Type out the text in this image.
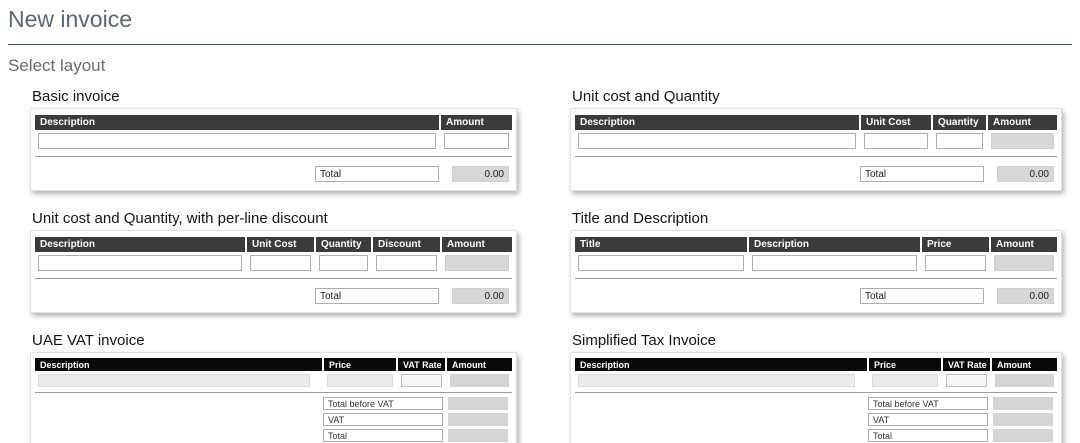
New invoice
Select layout
Basic invoice
Description	Amount
Total	0.00
Unit cost and Quantity
Description	Unit Cost	Quantity	Amount
Total	0.00
Unit cost and Quantity, with per-line discount
Description	Unit Cost	Quantity	Discount	Amount
Total	0.00
Title and Description
Title	Description	Price	Amount
Total	0.00
UAE VAT invoice
Description	Price	VAT Rate	Amount
Total before VAT
VAT
Total
Simplified Tax Invoice
Description	Price	VAT Rate	Amount
Total before VAT
VAT
Total
